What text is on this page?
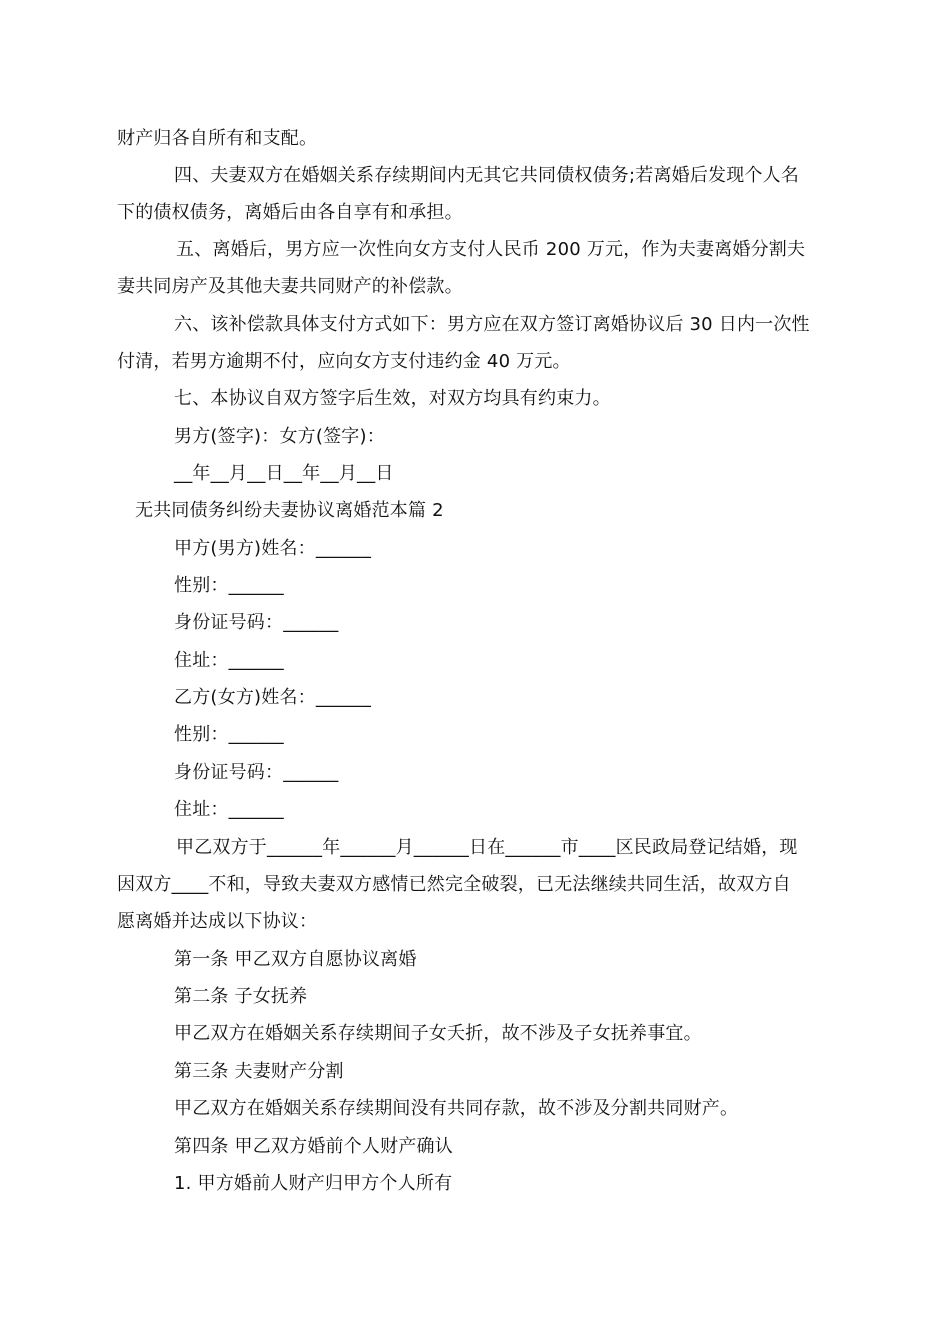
财产归各自所有和支配。
四、夫妻双方在婚姻关系存续期间内无其它共同债权债务;若离婚后发现个人名
下的债权债务，离婚后由各自享有和承担。
五、离婚后，男方应一次性向女方支付人民币 200 万元，作为夫妻离婚分割夫
妻共同房产及其他夫妻共同财产的补偿款。
六、该补偿款具体支付方式如下：男方应在双方签订离婚协议后 30 日内一次性
付清，若男方逾期不付，应向女方支付违约金 40 万元。
七、本协议自双方签字后生效，对双方均具有约束力。
男方(签字)：女方(签字)：
__年__月__日__年__月__日
无共同债务纠纷夫妻协议离婚范本篇 2
甲方(男方)姓名：______
性别：______
身份证号码：______
住址：______
乙方(女方)姓名：______
性别：______
身份证号码：______
住址：______
甲乙双方于______年______月______日在______市____区民政局登记结婚，现
因双方____不和，导致夫妻双方感情已然完全破裂，已无法继续共同生活，故双方自
愿离婚并达成以下协议：
第一条 甲乙双方自愿协议离婚
第二条 子女抚养
甲乙双方在婚姻关系存续期间子女夭折，故不涉及子女抚养事宜。
第三条 夫妻财产分割
甲乙双方在婚姻关系存续期间没有共同存款，故不涉及分割共同财产。
第四条 甲乙双方婚前个人财产确认
1. 甲方婚前人财产归甲方个人所有
